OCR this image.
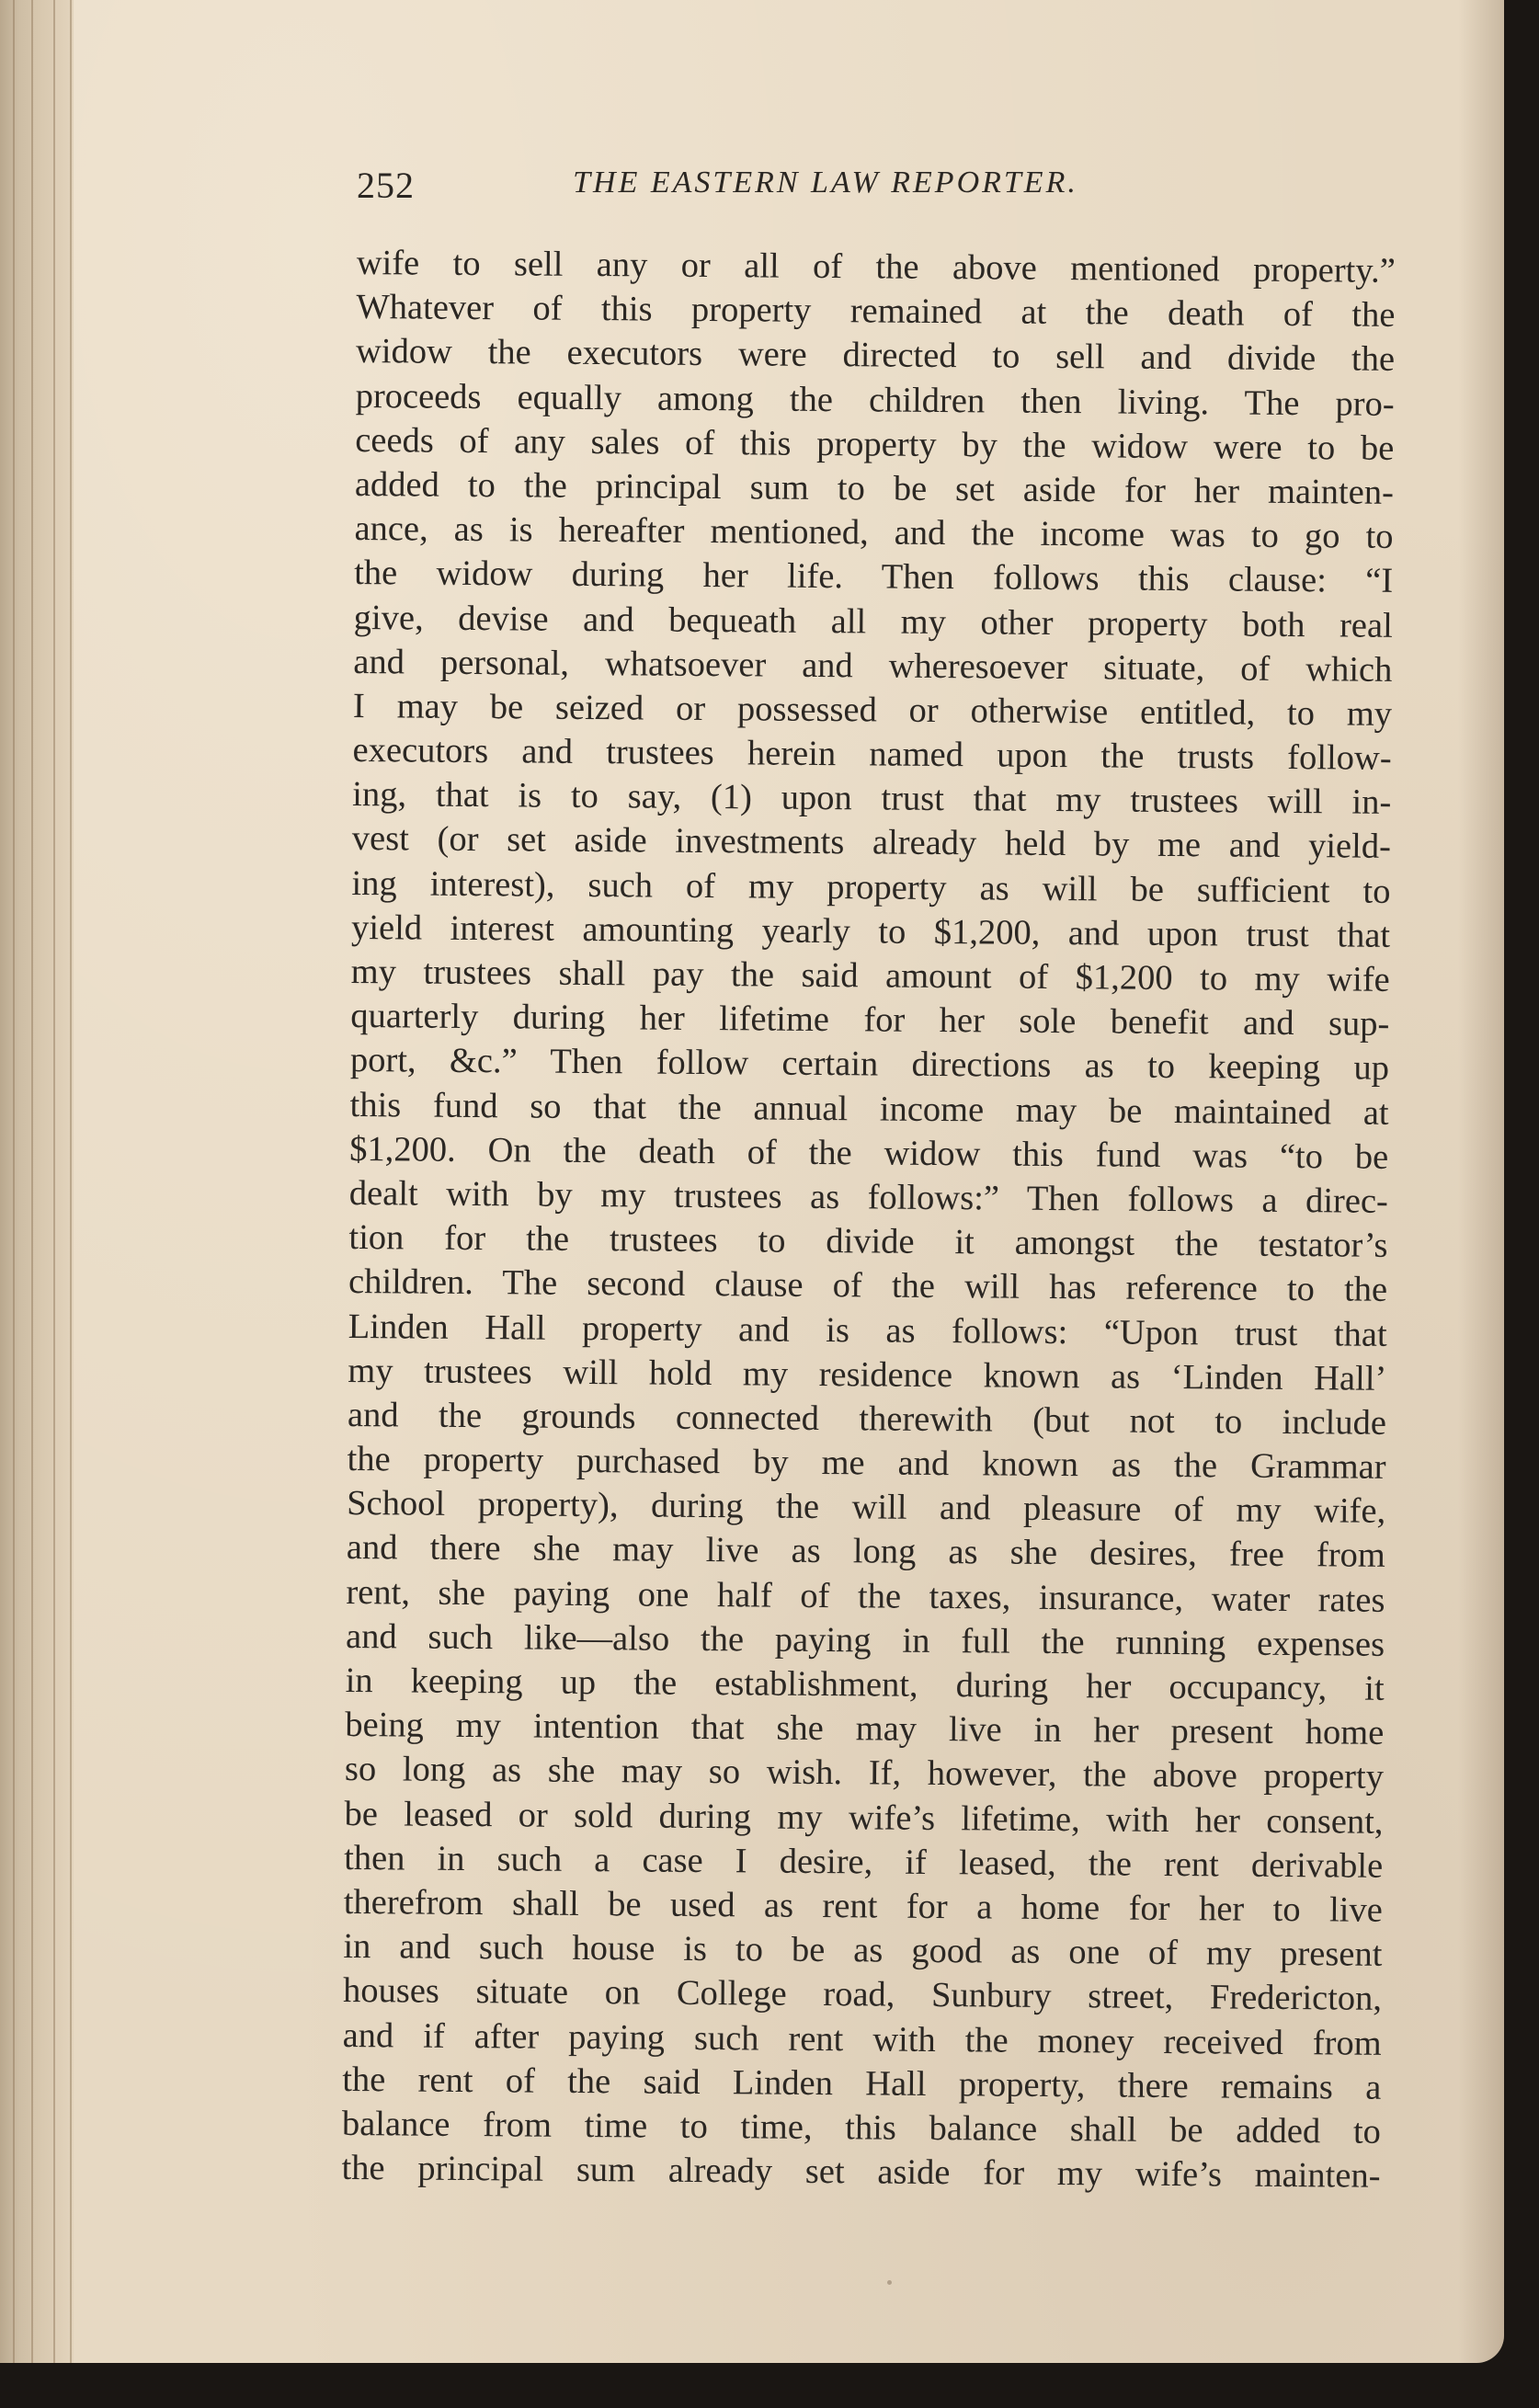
252	THE EASTERN LAW REPORTER.
wife to sell any or all of the above mentioned property.”
Whatever of this property remained at the death of the
widow the executors were directed to sell and divide the
proceeds equally among the children then living. The pro-
ceeds of any sales of this property by the widow were to be
added to the principal sum to be set aside for her mainten-
ance, as is hereafter mentioned, and the income was to go to
the widow during her life. Then follows this clause: “I
give, devise and bequeath all my other property both real
and personal, whatsoever and wheresoever situate, of which
I may be seized or possessed or otherwise entitled, to my
executors and trustees herein named upon the trusts follow-
ing, that is to say, (1) upon trust that my trustees will in-
vest (or set aside investments already held by me and yield-
ing interest), such of my property as will be sufficient to
yield interest amounting yearly to $1,200, and upon trust that
my trustees shall pay the said amount of $1,200 to my wife
quarterly during her lifetime for her sole benefit and sup-
port, &c.” Then follow certain directions as to keeping up
this fund so that the annual income may be maintained at
$1,200. On the death of the widow this fund was “to be
dealt with by my trustees as follows:” Then follows a direc-
tion for the trustees to divide it amongst the testator’s
children. The second clause of the will has reference to the
Linden Hall property and is as follows: “Upon trust that
my trustees will hold my residence known as ‘Linden Hall’
and the grounds connected therewith (but not to include
the property purchased by me and known as the Grammar
School property), during the will and pleasure of my wife,
and there she may live as long as she desires, free from
rent, she paying one half of the taxes, insurance, water rates
and such like—also the paying in full the running expenses
in keeping up the establishment, during her occupancy, it
being my intention that she may live in her present home
so long as she may so wish. If, however, the above property
be leased or sold during my wife’s lifetime, with her consent,
then in such a case I desire, if leased, the rent derivable
therefrom shall be used as rent for a home for her to live
in and such house is to be as good as one of my present
houses situate on College road, Sunbury street, Fredericton,
and if after paying such rent with the money received from
the rent of the said Linden Hall property, there remains a
balance from time to time, this balance shall be added to
the principal sum already set aside for my wife’s mainten-
